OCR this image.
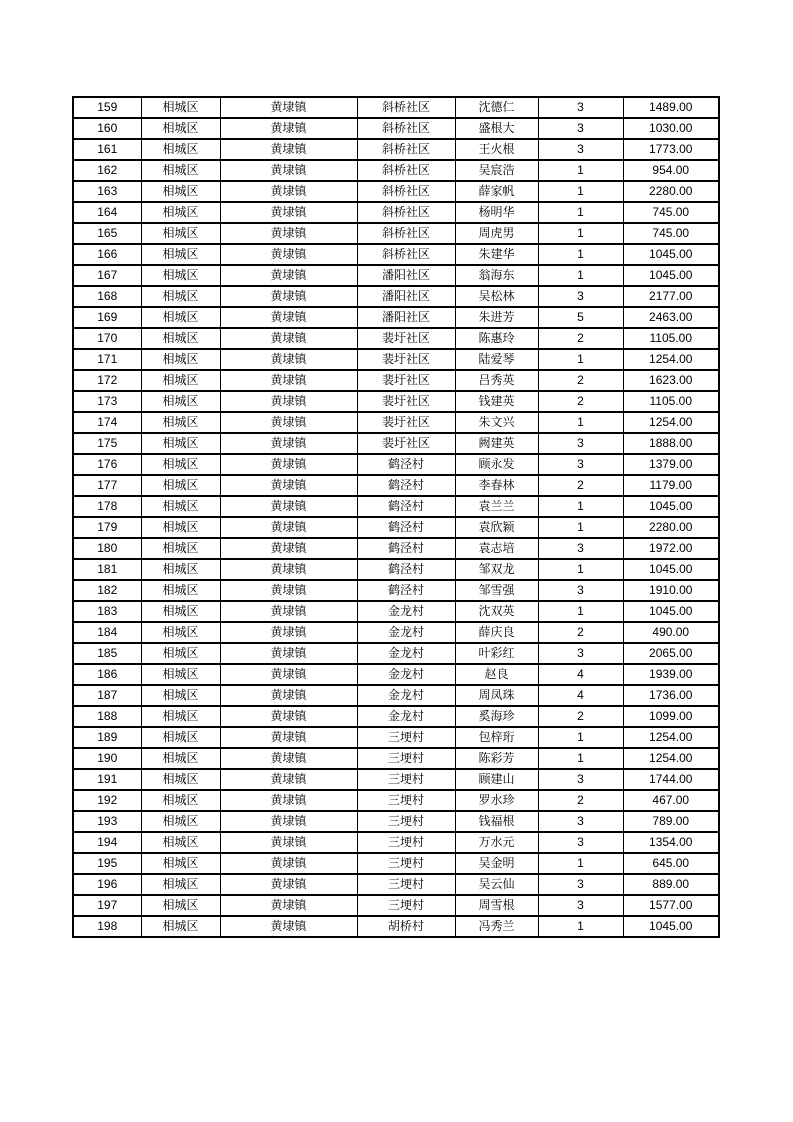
159	相城区	黄埭镇	斜桥社区	沈德仁	3	1489.00
160	相城区	黄埭镇	斜桥社区	盛根大	3	1030.00
161	相城区	黄埭镇	斜桥社区	王火根	3	1773.00
162	相城区	黄埭镇	斜桥社区	吴宸浩	1	954.00
163	相城区	黄埭镇	斜桥社区	薛家帆	1	2280.00
164	相城区	黄埭镇	斜桥社区	杨明华	1	745.00
165	相城区	黄埭镇	斜桥社区	周虎男	1	745.00
166	相城区	黄埭镇	斜桥社区	朱建华	1	1045.00
167	相城区	黄埭镇	潘阳社区	翁海东	1	1045.00
168	相城区	黄埭镇	潘阳社区	吴松林	3	2177.00
169	相城区	黄埭镇	潘阳社区	朱进芳	5	2463.00
170	相城区	黄埭镇	裴圩社区	陈惠玲	2	1105.00
171	相城区	黄埭镇	裴圩社区	陆爱琴	1	1254.00
172	相城区	黄埭镇	裴圩社区	吕秀英	2	1623.00
173	相城区	黄埭镇	裴圩社区	钱建英	2	1105.00
174	相城区	黄埭镇	裴圩社区	朱文兴	1	1254.00
175	相城区	黄埭镇	裴圩社区	阙建英	3	1888.00
176	相城区	黄埭镇	鹤泾村	顾永发	3	1379.00
177	相城区	黄埭镇	鹤泾村	李春林	2	1179.00
178	相城区	黄埭镇	鹤泾村	袁兰兰	1	1045.00
179	相城区	黄埭镇	鹤泾村	袁欣颖	1	2280.00
180	相城区	黄埭镇	鹤泾村	袁志培	3	1972.00
181	相城区	黄埭镇	鹤泾村	邹双龙	1	1045.00
182	相城区	黄埭镇	鹤泾村	邹雪强	3	1910.00
183	相城区	黄埭镇	金龙村	沈双英	1	1045.00
184	相城区	黄埭镇	金龙村	薛庆良	2	490.00
185	相城区	黄埭镇	金龙村	叶彩红	3	2065.00
186	相城区	黄埭镇	金龙村	赵良	4	1939.00
187	相城区	黄埭镇	金龙村	周凤珠	4	1736.00
188	相城区	黄埭镇	金龙村	奚海珍	2	1099.00
189	相城区	黄埭镇	三埂村	包梓珩	1	1254.00
190	相城区	黄埭镇	三埂村	陈彩芳	1	1254.00
191	相城区	黄埭镇	三埂村	顾建山	3	1744.00
192	相城区	黄埭镇	三埂村	罗水珍	2	467.00
193	相城区	黄埭镇	三埂村	钱福根	3	789.00
194	相城区	黄埭镇	三埂村	万水元	3	1354.00
195	相城区	黄埭镇	三埂村	吴金明	1	645.00
196	相城区	黄埭镇	三埂村	吴云仙	3	889.00
197	相城区	黄埭镇	三埂村	周雪根	3	1577.00
198	相城区	黄埭镇	胡桥村	冯秀兰	1	1045.00
